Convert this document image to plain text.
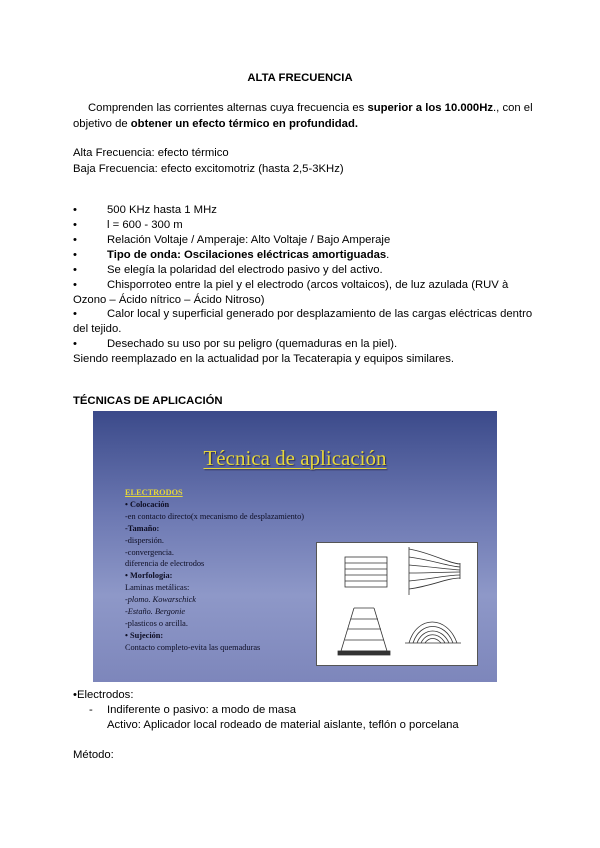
ALTA FRECUENCIA
Comprenden las corrientes alternas cuya frecuencia es superior a los 10.000Hz., con el
objetivo de obtener un efecto térmico en profundidad.
Alta Frecuencia: efecto térmico
Baja Frecuencia: efecto excitomotriz (hasta 2,5-3KHz)
•	500 KHz hasta 1 MHz
•	l = 600 - 300 m
•	Relación Voltaje / Amperaje: Alto Voltaje / Bajo Amperaje
•	Tipo de onda: Oscilaciones eléctricas amortiguadas.
•	Se elegía la polaridad del electrodo pasivo y del activo.
•	Chisporroteo entre la piel y el electrodo (arcos voltaicos), de luz azulada (RUV à
Ozono – Ácido nítrico – Ácido Nitroso)
•	Calor local y superficial generado por desplazamiento de las cargas eléctricas dentro
del tejido.
•	Desechado su uso por su peligro (quemaduras en la piel).
Siendo reemplazado en la actualidad por la Tecaterapia y equipos similares.
TÉCNICAS DE APLICACIÓN
Técnica de aplicación
ELECTRODOS
• Colocación
-en contacto directo(x mecanismo de desplazamiento)
-Tamaño:
-dispersión.
-convergencia.
diferencia de electrodos
• Morfologia:
Laminas metálicas:
-plomo. Kowarschick
-Estaño. Bergonie
-plasticos o arcilla.
• Sujeción:
Contacto completo-evita las quemaduras
•Electrodos:
- Indiferente o pasivo: a modo de masa
Activo: Aplicador local rodeado de material aislante, teflón o porcelana
Método:
